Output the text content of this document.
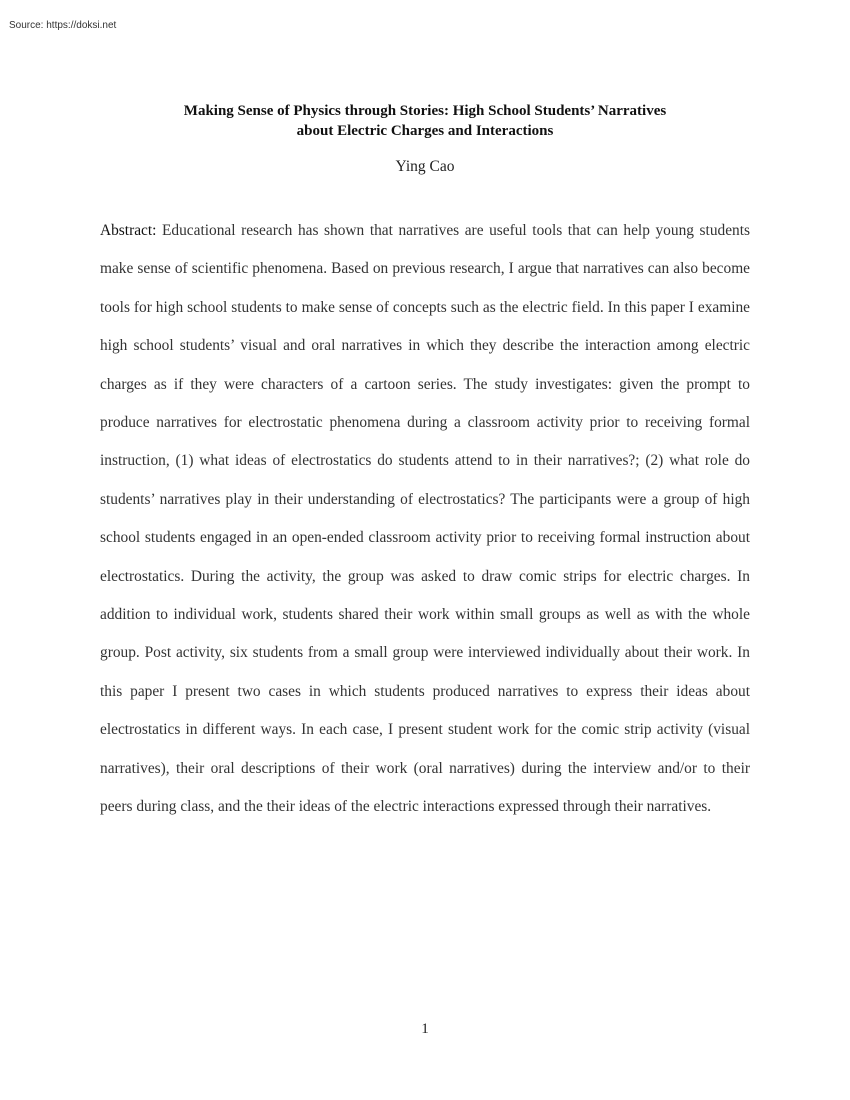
Source: https://doksi.net
Making Sense of Physics through Stories: High School Students’ Narratives
about Electric Charges and Interactions
Ying Cao

Abstract: Educational research has shown that narratives are useful tools that can help young students make sense of scientific phenomena. Based on previous research, I argue that narratives can also become tools for high school students to make sense of concepts such as the electric field. In this paper I examine high school students’ visual and oral narratives in which they describe the interaction among electric charges as if they were characters of a cartoon series. The study investigates: given the prompt to produce narratives for electrostatic phenomena during a classroom activity prior to receiving formal instruction, (1) what ideas of electrostatics do students attend to in their narratives?; (2) what role do students’ narratives play in their understanding of electrostatics? The participants were a group of high school students engaged in an open-ended classroom activity prior to receiving formal instruction about electrostatics. During the activity, the group was asked to draw comic strips for electric charges. In addition to individual work, students shared their work within small groups as well as with the whole group. Post activity, six students from a small group were interviewed individually about their work. In this paper I present two cases in which students produced narratives to express their ideas about electrostatics in different ways. In each case, I present student work for the comic strip activity (visual narratives), their oral descriptions of their work (oral narratives) during the interview and/or to their peers during class, and the their ideas of the electric interactions expressed through their narratives.

1
